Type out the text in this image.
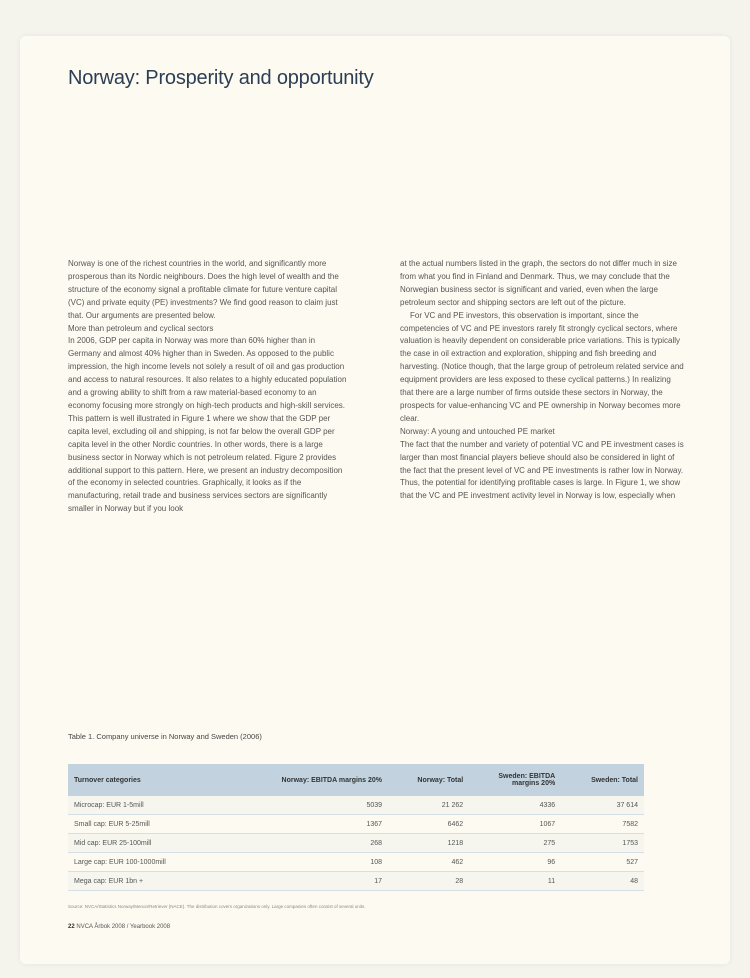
Norway: Prosperity and opportunity

Norway is one of the richest countries in the world, and significantly more prosperous than its Nordic neighbours. Does the high level of wealth and the structure of the economy signal a profitable climate for future venture capital (VC) and private equity (PE) investments? We find good reason to claim just that. Our arguments are presented below.

More than petroleum and cyclical sectors

In 2006, GDP per capita in Norway was more than 60% higher than in Germany and almost 40% higher than in Sweden. As opposed to the public impression, the high income levels not solely a result of oil and gas production and access to natural resources. It also relates to a highly educated population and a growing ability to shift from a raw material-based economy to an economy focusing more strongly on high-tech products and high-skill services. This pattern is well illustrated in Figure 1 where we show that the GDP per capita level, excluding oil and shipping, is not far below the overall GDP per capita level in the other Nordic countries. In other words, there is a large business sector in Norway which is not petroleum related. Figure 2 provides additional support to this pattern. Here, we present an industry decomposition of the economy in selected countries. Graphically, it looks as if the manufacturing, retail trade and business services sectors are significantly smaller in Norway but if you look

at the actual numbers listed in the graph, the sectors do not differ much in size from what you find in Finland and Denmark. Thus, we may conclude that the Norwegian business sector is significant and varied, even when the large petroleum sector and shipping sectors are left out of the picture.

For VC and PE investors, this observation is important, since the competencies of VC and PE investors rarely fit strongly cyclical sectors, where valuation is heavily dependent on considerable price variations. This is typically the case in oil extraction and exploration, shipping and fish breeding and harvesting. (Notice though, that the large group of petroleum related service and equipment providers are less exposed to these cyclical patterns.) In realizing that there are a large number of firms outside these sectors in Norway, the prospects for value-enhancing VC and PE ownership in Norway becomes more clear.

Norway: A young and untouched PE market

The fact that the number and variety of potential VC and PE investment cases is larger than most financial players believe should also be considered in light of the fact that the present level of VC and PE investments is rather low in Norway. Thus, the potential for identifying profitable cases is large. In Figure 1, we show that the VC and PE investment activity level in Norway is low, especially when

Table 1. Company universe in Norway and Sweden (2006)
Turnover categories	Norway: EBITDA margins 20%	Norway: Total	Sweden: EBITDA margins 20%	Sweden: Total
Microcap: EUR 1-5mill	5039	21 262	4336	37 614
Small cap: EUR 5-25mill	1367	6462	1067	7582
Mid cap: EUR 25-100mill	268	1218	275	1753
Large cap: EUR 100-1000mill	108	462	96	527
Mega cap: EUR 1bn +	17	28	11	48
Source: NVCA/Statistics Norway/Menon/Retriever (NACE). The distribution covers organizations only. Large companies often consist of several units.
22 NVCA Årbok 2008 / Yearbook 2008
